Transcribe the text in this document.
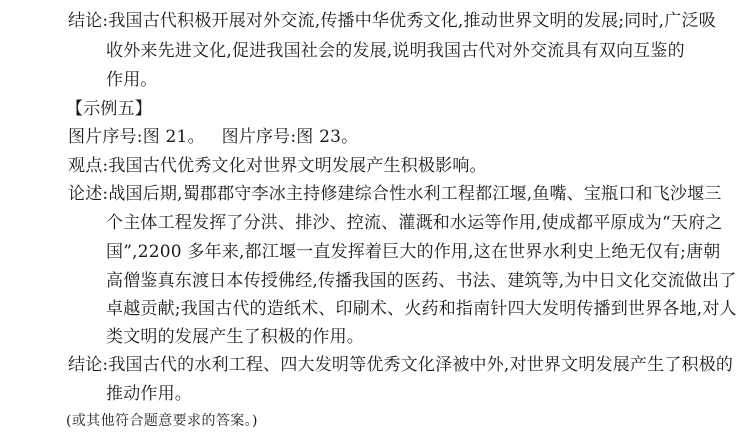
结论:我国古代积极开展对外交流,传播中华优秀文化,推动世界文明的发展;同时,广泛吸
收外来先进文化,促进我国社会的发展,说明我国古代对外交流具有双向互鉴的
作用。
【示例五】
图片序号:图 21。   图片序号:图 23。
观点:我国古代优秀文化对世界文明发展产生积极影响。
论述:战国后期,蜀郡郡守李冰主持修建综合性水利工程都江堰,鱼嘴、宝瓶口和飞沙堰三
个主体工程发挥了分洪、排沙、控流、灌溉和水运等作用,使成都平原成为“天府之
国”,2200 多年来,都江堰一直发挥着巨大的作用,这在世界水利史上绝无仅有;唐朝
高僧鉴真东渡日本传授佛经,传播我国的医药、书法、建筑等,为中日文化交流做出了
卓越贡献;我国古代的造纸术、印刷术、火药和指南针四大发明传播到世界各地,对人
类文明的发展产生了积极的作用。
结论:我国古代的水利工程、四大发明等优秀文化泽被中外,对世界文明发展产生了积极的
推动作用。
(或其他符合题意要求的答案。)
